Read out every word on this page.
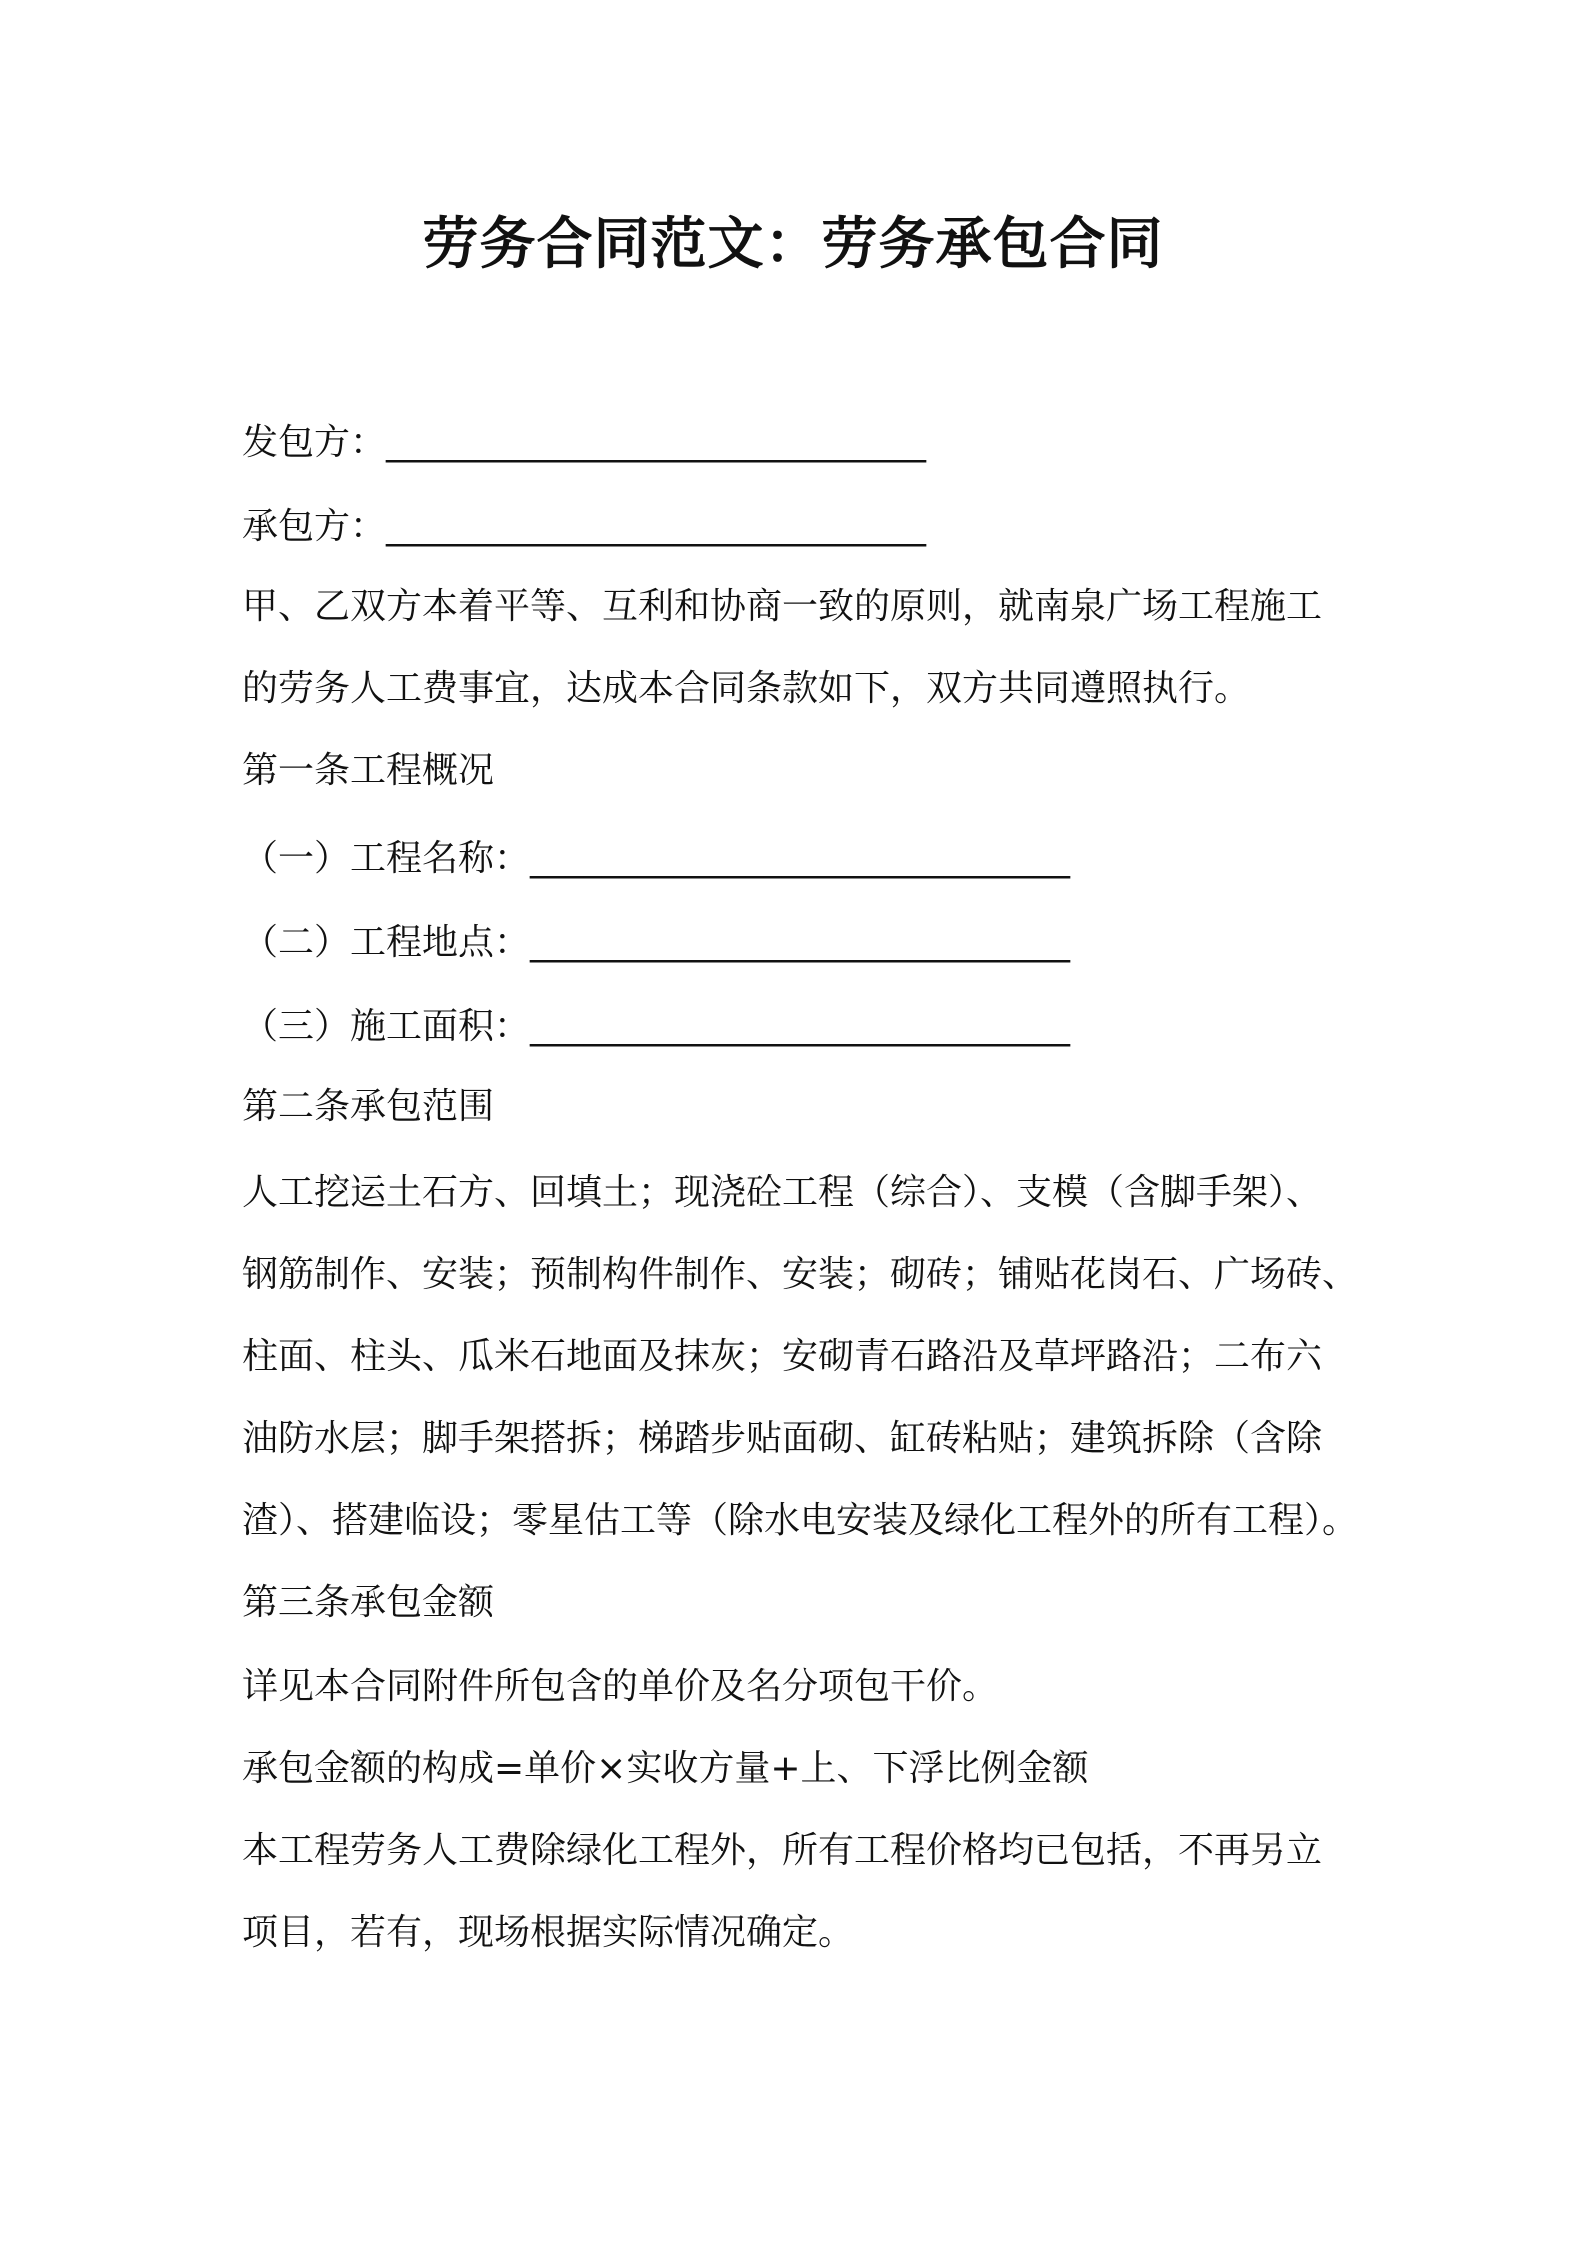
劳务合同范文：劳务承包合同
发包方：______________________________
承包方：______________________________
甲、乙双方本着平等、互利和协商一致的原则，就南泉广场工程施工
的劳务人工费事宜，达成本合同条款如下，双方共同遵照执行。
第一条工程概况
（一）工程名称：______________________________
（二）工程地点：______________________________
（三）施工面积：______________________________
第二条承包范围
人工挖运土石方、回填土；现浇砼工程（综合）、支模（含脚手架）、
钢筋制作、安装；预制构件制作、安装；砌砖；铺贴花岗石、广场砖、
柱面、柱头、瓜米石地面及抹灰；安砌青石路沿及草坪路沿；二布六
油防水层；脚手架搭拆；梯踏步贴面砌、缸砖粘贴；建筑拆除（含除
渣）、搭建临设；零星估工等（除水电安装及绿化工程外的所有工程）。
第三条承包金额
详见本合同附件所包含的单价及名分项包干价。
承包金额的构成=单价×实收方量+上、下浮比例金额
本工程劳务人工费除绿化工程外，所有工程价格均已包括，不再另立
项目，若有，现场根据实际情况确定。
